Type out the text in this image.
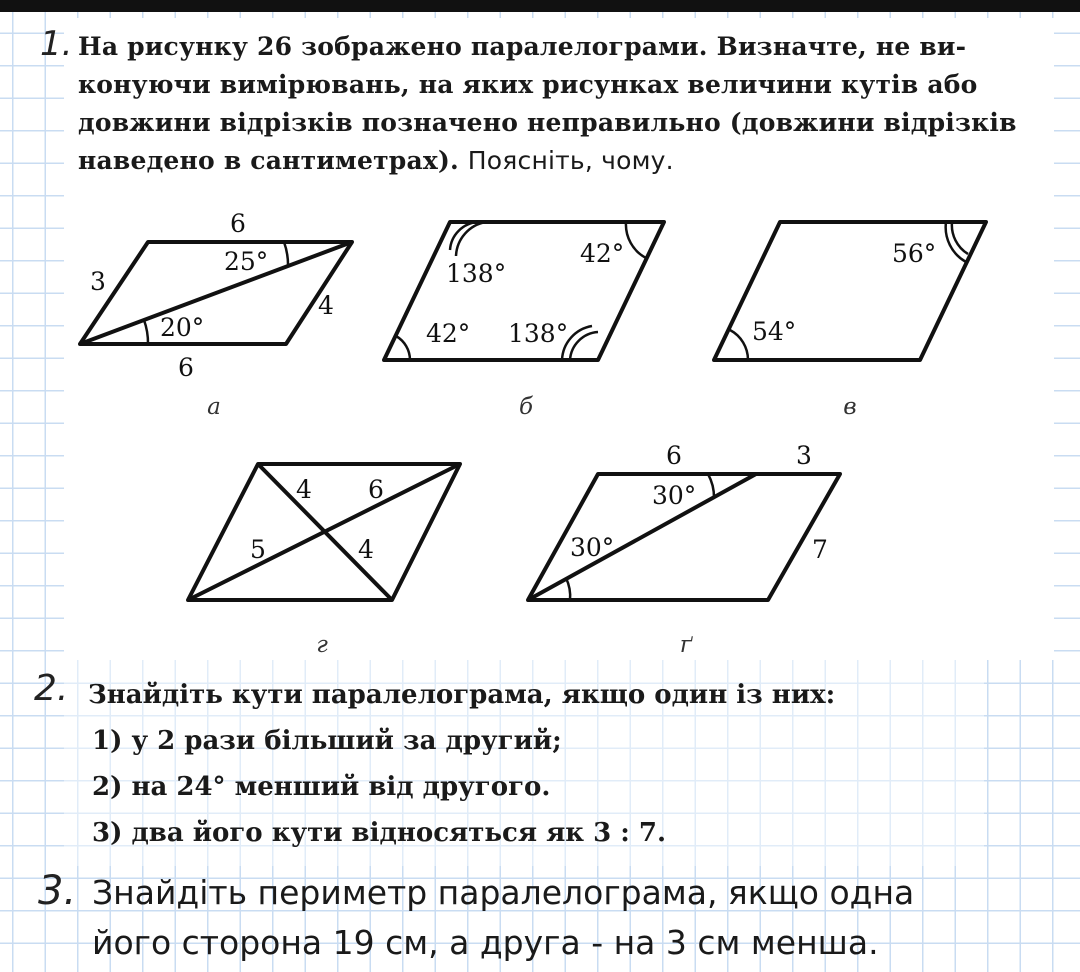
1. На рисунку 26 зображено паралелограми. Визначте, не ви-
конуючи вимірювань, на яких рисунках величини кутів або
довжини відрізків позначено неправильно (довжини відрізків
наведено в сантиметрах). Поясніть, чому.
6
25°
3
4
20°
6
138°
42°
42° 138°
56°
54°
4 6
5	4
6	3
30°
7
30°
а	б	в
г	ґ
2. Знайдіть кути паралелограма, якщо один із них:
1) у 2 рази більший за другий;
2) на 24° менший від другого.
3) два його кути відносяться як 3 : 7.
3. Знайдіть периметр паралелограма, якщо одна
його сторона 19 см, а друга - на 3 см менша.
